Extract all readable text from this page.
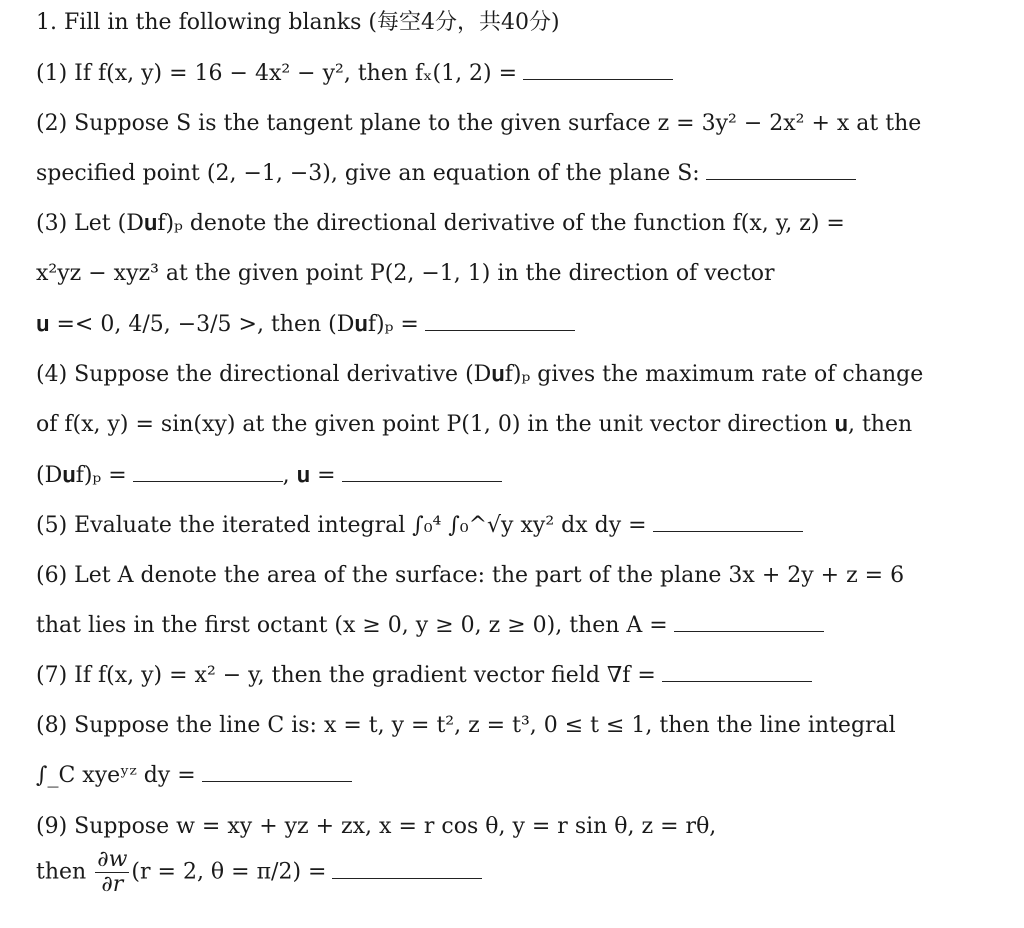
1. Fill in the following blanks (每空4分，共40分)
(1) If f(x, y) = 16 − 4x² − y², then fₓ(1, 2) =
(2) Suppose S is the tangent plane to the given surface z = 3y² − 2x² + x at the
specified point (2, −1, −3), give an equation of the plane S:
(3) Let (D𝐮f)ₚ denote the directional derivative of the function f(x, y, z) =
x²yz − xyz³ at the given point P(2, −1, 1) in the direction of vector
𝐮 =< 0, 4/5, −3/5 >, then (D𝐮f)ₚ =
(4) Suppose the directional derivative (D𝐮f)ₚ gives the maximum rate of change
of f(x, y) = sin(xy) at the given point P(1, 0) in the unit vector direction 𝐮, then
(D𝐮f)ₚ =	, 𝐮 =
(5) Evaluate the iterated integral ∫₀⁴ ∫₀^√y xy² dx dy =
(6) Let A denote the area of the surface: the part of the plane 3x + 2y + z = 6
that lies in the first octant (x ≥ 0, y ≥ 0, z ≥ 0), then A =
(7) If f(x, y) = x² − y, then the gradient vector field ∇f =
(8) Suppose the line C is: x = t, y = t², z = t³, 0 ≤ t ≤ 1, then the line integral
∫_C xyeʸᶻ dy =
(9) Suppose w = xy + yz + zx, x = r cos θ, y = r sin θ, z = rθ,
then $\frac{\partial w}{\partial r} (r = 2$, θ = π/2) =
